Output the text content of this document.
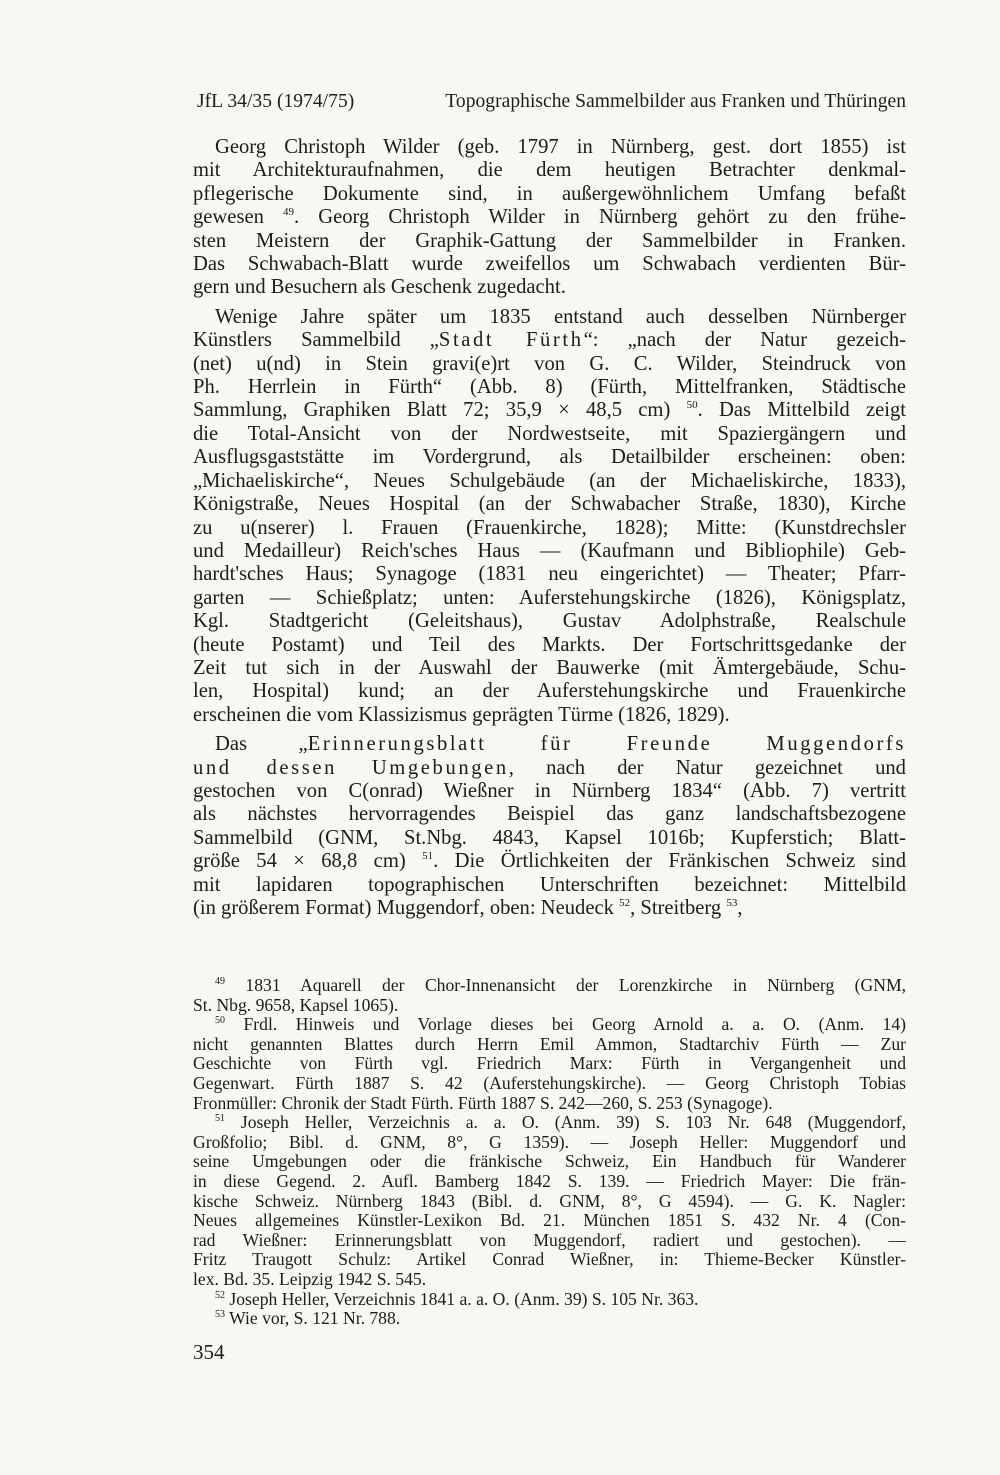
JfL 34/35 (1974/75)	Topographische Sammelbilder aus Franken und Thüringen

Georg Christoph Wilder (geb. 1797 in Nürnberg, gest. dort 1855) ist
mit Architekturaufnahmen, die dem heutigen Betrachter denkmal-
pflegerische Dokumente sind, in außergewöhnlichem Umfang befaßt
gewesen $^{49}$. Georg Christoph Wilder in Nürnberg gehört zu den frühe-
sten Meistern der Graphik-Gattung der Sammelbilder in Franken.
Das Schwabach-Blatt wurde zweifellos um Schwabach verdienten Bür-
gern und Besuchern als Geschenk zugedacht.

Wenige Jahre später um 1835 entstand auch desselben Nürnberger
Künstlers Sammelbild „Stadt Fürth“: „nach der Natur gezeich-
(net) u(nd) in Stein gravi(e)rt von G. C. Wilder, Steindruck von
Ph. Herrlein in Fürth“ (Abb. 8) (Fürth, Mittelfranken, Städtische
Sammlung, Graphiken Blatt 72; 35,9 × 48,5 cm) $^{50}$. Das Mittelbild zeigt
die Total-Ansicht von der Nordwestseite, mit Spaziergängern und
Ausflugsgaststätte im Vordergrund, als Detailbilder erscheinen: oben:
„Michaeliskirche“, Neues Schulgebäude (an der Michaeliskirche, 1833),
Königstraße, Neues Hospital (an der Schwabacher Straße, 1830), Kirche
zu u(nserer) l. Frauen (Frauenkirche, 1828); Mitte: (Kunstdrechsler
und Medailleur) Reich'sches Haus — (Kaufmann und Bibliophile) Geb-
hardt'sches Haus; Synagoge (1831 neu eingerichtet) — Theater; Pfarr-
garten — Schießplatz; unten: Auferstehungskirche (1826), Königsplatz,
Kgl. Stadtgericht (Geleitshaus), Gustav Adolphstraße, Realschule
(heute Postamt) und Teil des Markts. Der Fortschrittsgedanke der
Zeit tut sich in der Auswahl der Bauwerke (mit Ämtergebäude, Schu-
len, Hospital) kund; an der Auferstehungskirche und Frauenkirche
erscheinen die vom Klassizismus geprägten Türme (1826, 1829).

Das „Erinnerungsblatt für Freunde Muggendorfs
und dessen Umgebungen, nach der Natur gezeichnet und
gestochen von C(onrad) Wießner in Nürnberg 1834“ (Abb. 7) vertritt
als nächstes hervorragendes Beispiel das ganz landschaftsbezogene
Sammelbild (GNM, St.Nbg. 4843, Kapsel 1016b; Kupferstich; Blatt-
größe 54 × 68,8 cm) $^{51}$. Die Örtlichkeiten der Fränkischen Schweiz sind
mit lapidaren topographischen Unterschriften bezeichnet: Mittelbild
(in größerem Format) Muggendorf, oben: Neudeck $^{52}$, Streitberg $^{53}$,

$^{49}$ 1831 Aquarell der Chor-Innenansicht der Lorenzkirche in Nürnberg (GNM,
St. Nbg. 9658, Kapsel 1065).

$^{50}$ Frdl. Hinweis und Vorlage dieses bei Georg Arnold a. a. O. (Anm. 14)
nicht genannten Blattes durch Herrn Emil Ammon, Stadtarchiv Fürth — Zur
Geschichte von Fürth vgl. Friedrich Marx: Fürth in Vergangenheit und
Gegenwart. Fürth 1887 S. 42 (Auferstehungskirche). — Georg Christoph Tobias
Fronmüller: Chronik der Stadt Fürth. Fürth 1887 S. 242—260, S. 253 (Synagoge).

$^{51}$ Joseph Heller, Verzeichnis a. a. O. (Anm. 39) S. 103 Nr. 648 (Muggendorf,
Großfolio; Bibl. d. GNM, 8°, G 1359). — Joseph Heller: Muggendorf und
seine Umgebungen oder die fränkische Schweiz, Ein Handbuch für Wanderer
in diese Gegend. 2. Aufl. Bamberg 1842 S. 139. — Friedrich Mayer: Die frän-
kische Schweiz. Nürnberg 1843 (Bibl. d. GNM, 8°, G 4594). — G. K. Nagler:
Neues allgemeines Künstler-Lexikon Bd. 21. München 1851 S. 432 Nr. 4 (Con-
rad Wießner: Erinnerungsblatt von Muggendorf, radiert und gestochen). —
Fritz Traugott Schulz: Artikel Conrad Wießner, in: Thieme-Becker Künstler-
lex. Bd. 35. Leipzig 1942 S. 545.

$^{52}$ Joseph Heller, Verzeichnis 1841 a. a. O. (Anm. 39) S. 105 Nr. 363.

$^{53}$ Wie vor, S. 121 Nr. 788.

354
